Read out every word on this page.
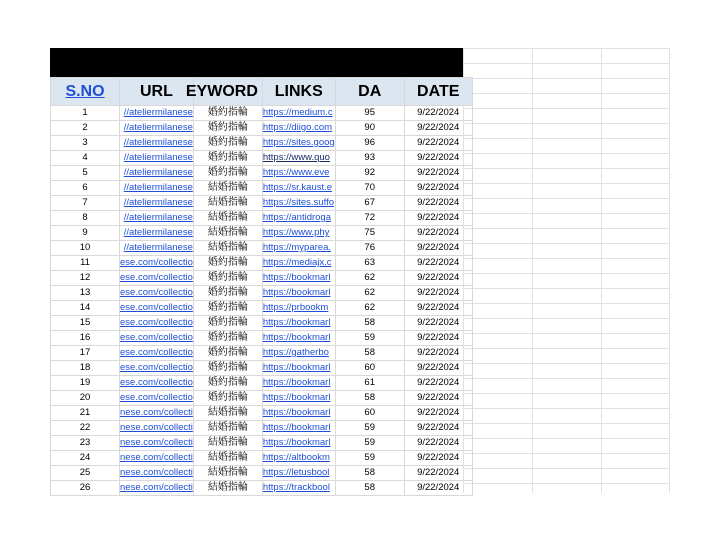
S.NO	URL	EYWORD	LINKS	DA	DATE
1	//ateliermilanese	婚約指輪	https://medium.c	95	9/22/2024
2	//ateliermilanese	婚約指輪	https://diigo.com	90	9/22/2024
3	//ateliermilanese	婚約指輪	https://sites.goog	96	9/22/2024
4	//ateliermilanese	婚約指輪	https://www.quo	93	9/22/2024
5	//ateliermilanese	婚約指輪	https://www.eve	92	9/22/2024
6	//ateliermilanese	結婚指輪	https://sr.kaust.e	70	9/22/2024
7	//ateliermilanese	結婚指輪	https://sites.suffo	67	9/22/2024
8	//ateliermilanese	結婚指輪	https://antidroga	72	9/22/2024
9	//ateliermilanese	結婚指輪	https://www.phy	75	9/22/2024
10	//ateliermilanese	結婚指輪	https://myparea.	76	9/22/2024
11	ese.com/collectio	婚約指輪	https://mediajx.c	63	9/22/2024
12	ese.com/collectio	婚約指輪	https://bookmarl	62	9/22/2024
13	ese.com/collectio	婚約指輪	https://bookmarl	62	9/22/2024
14	ese.com/collectio	婚約指輪	https://prbookm	62	9/22/2024
15	ese.com/collectio	婚約指輪	https://bookmarl	58	9/22/2024
16	ese.com/collectio	婚約指輪	https://bookmarl	59	9/22/2024
17	ese.com/collectio	婚約指輪	https://gatherbo	58	9/22/2024
18	ese.com/collectio	婚約指輪	https://bookmarl	60	9/22/2024
19	ese.com/collectio	婚約指輪	https://bookmarl	61	9/22/2024
20	ese.com/collectio	婚約指輪	https://bookmarl	58	9/22/2024
21	nese.com/collecti	結婚指輪	https://bookmarl	60	9/22/2024
22	nese.com/collecti	結婚指輪	https://bookmarl	59	9/22/2024
23	nese.com/collecti	結婚指輪	https://bookmarl	59	9/22/2024
24	nese.com/collecti	結婚指輪	https://altbookm	59	9/22/2024
25	nese.com/collecti	結婚指輪	https://letusbool	58	9/22/2024
26	nese.com/collecti	結婚指輪	https://trackbool	58	9/22/2024
